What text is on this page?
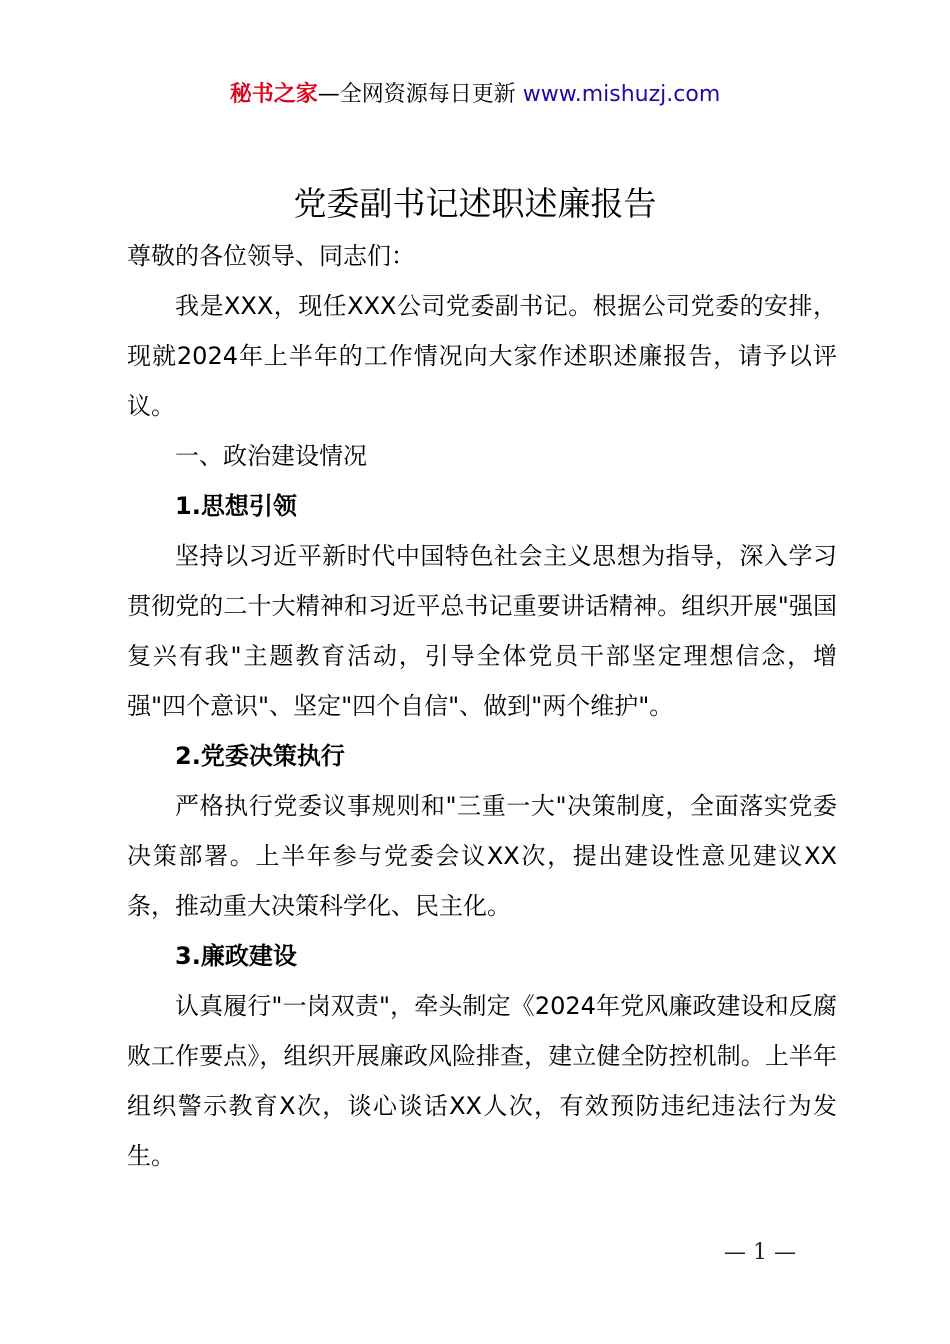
秘书之家—全网资源每日更新 www.mishuzj.com
党委副书记述职述廉报告
尊敬的各位领导、同志们：
我是XXX，现任XXX公司党委副书记。根据公司党委的安排，现就2024年上半年的工作情况向大家作述职述廉报告，请予以评议。
一、政治建设情况
1.思想引领
坚持以习近平新时代中国特色社会主义思想为指导，深入学习贯彻党的二十大精神和习近平总书记重要讲话精神。组织开展"强国复兴有我"主题教育活动，引导全体党员干部坚定理想信念，增强"四个意识"、坚定"四个自信"、做到"两个维护"。
2.党委决策执行
严格执行党委议事规则和"三重一大"决策制度，全面落实党委决策部署。上半年参与党委会议XX次，提出建设性意见建议XX条，推动重大决策科学化、民主化。
3.廉政建设
认真履行"一岗双责"，牵头制定《2024年党风廉政建设和反腐败工作要点》，组织开展廉政风险排查，建立健全防控机制。上半年组织警示教育X次，谈心谈话XX人次，有效预防违纪违法行为发生。
— 1 —
